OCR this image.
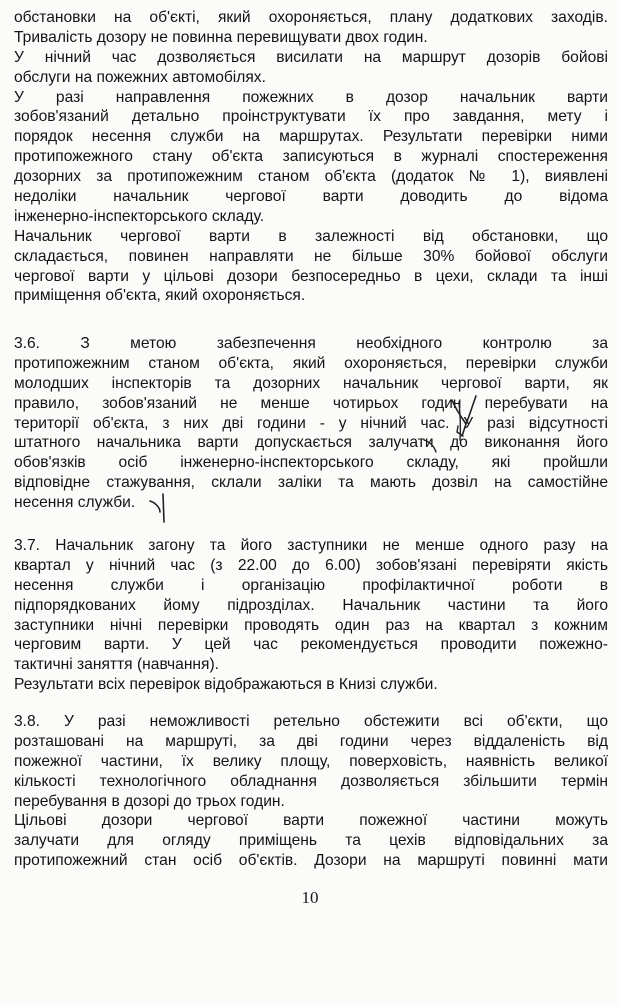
обстановки на об'єкті, який охороняється, плану додаткових заходів.
Тривалість дозору не повинна перевищувати двох годин.
У нічний час дозволяється висилати на маршрут дозорів бойові
обслуги на пожежних автомобілях.
У разі направлення пожежних в дозор начальник варти
зобов'язаний детально проінструктувати їх про завдання, мету і
порядок несення служби на маршрутах. Результати перевірки ними
протипожежного стану об'єкта записуються в журналі спостереження
дозорних за протипожежним станом об'єкта (додаток № 1), виявлені
недоліки начальник чергової варти доводить до відома
інженерно-інспекторського складу.
Начальник чергової варти в залежності від обстановки, що
складається, повинен направляти не більше 30% бойової обслуги
чергової варти у цільові дозори безпосередньо в цехи, склади та інші
приміщення об'єкта, який охороняється.
3.6. З метою забезпечення необхідного контролю за
протипожежним станом об'єкта, який охороняється, перевірки служби
молодших інспекторів та дозорних начальник чергової варти, як
правило, зобов'язаний не менше чотирьох годин перебувати на
території об'єкта, з них дві години - у нічний час. У разі відсутності
штатного начальника варти допускається залучати до виконання його
обов'язків осіб інженерно-інспекторського складу, які пройшли
відповідне стажування, склали заліки та мають дозвіл на самостійне
несення служби.
3.7. Начальник загону та його заступники не менше одного разу на
квартал у нічний час (з 22.00 до 6.00) зобов'язані перевіряти якість
несення служби і організацію профілактичної роботи в
підпорядкованих йому підрозділах. Начальник частини та його
заступники нічні перевірки проводять один раз на квартал з кожним
черговим варти. У цей час рекомендується проводити пожежно-
тактичні заняття (навчання).
Результати всіх перевірок відображаються в Книзі служби.
3.8. У разі неможливості ретельно обстежити всі об'єкти, що
розташовані на маршруті, за дві години через віддаленість від
пожежної частини, їх велику площу, поверховість, наявність великої
кількості технологічного обладнання дозволяється збільшити термін
перебування в дозорі до трьох годин.
Цільові дозори чергової варти пожежної частини можуть
залучати для огляду приміщень та цехів відповідальних за
протипожежний стан осіб об'єктів. Дозори на маршруті повинні мати
10
